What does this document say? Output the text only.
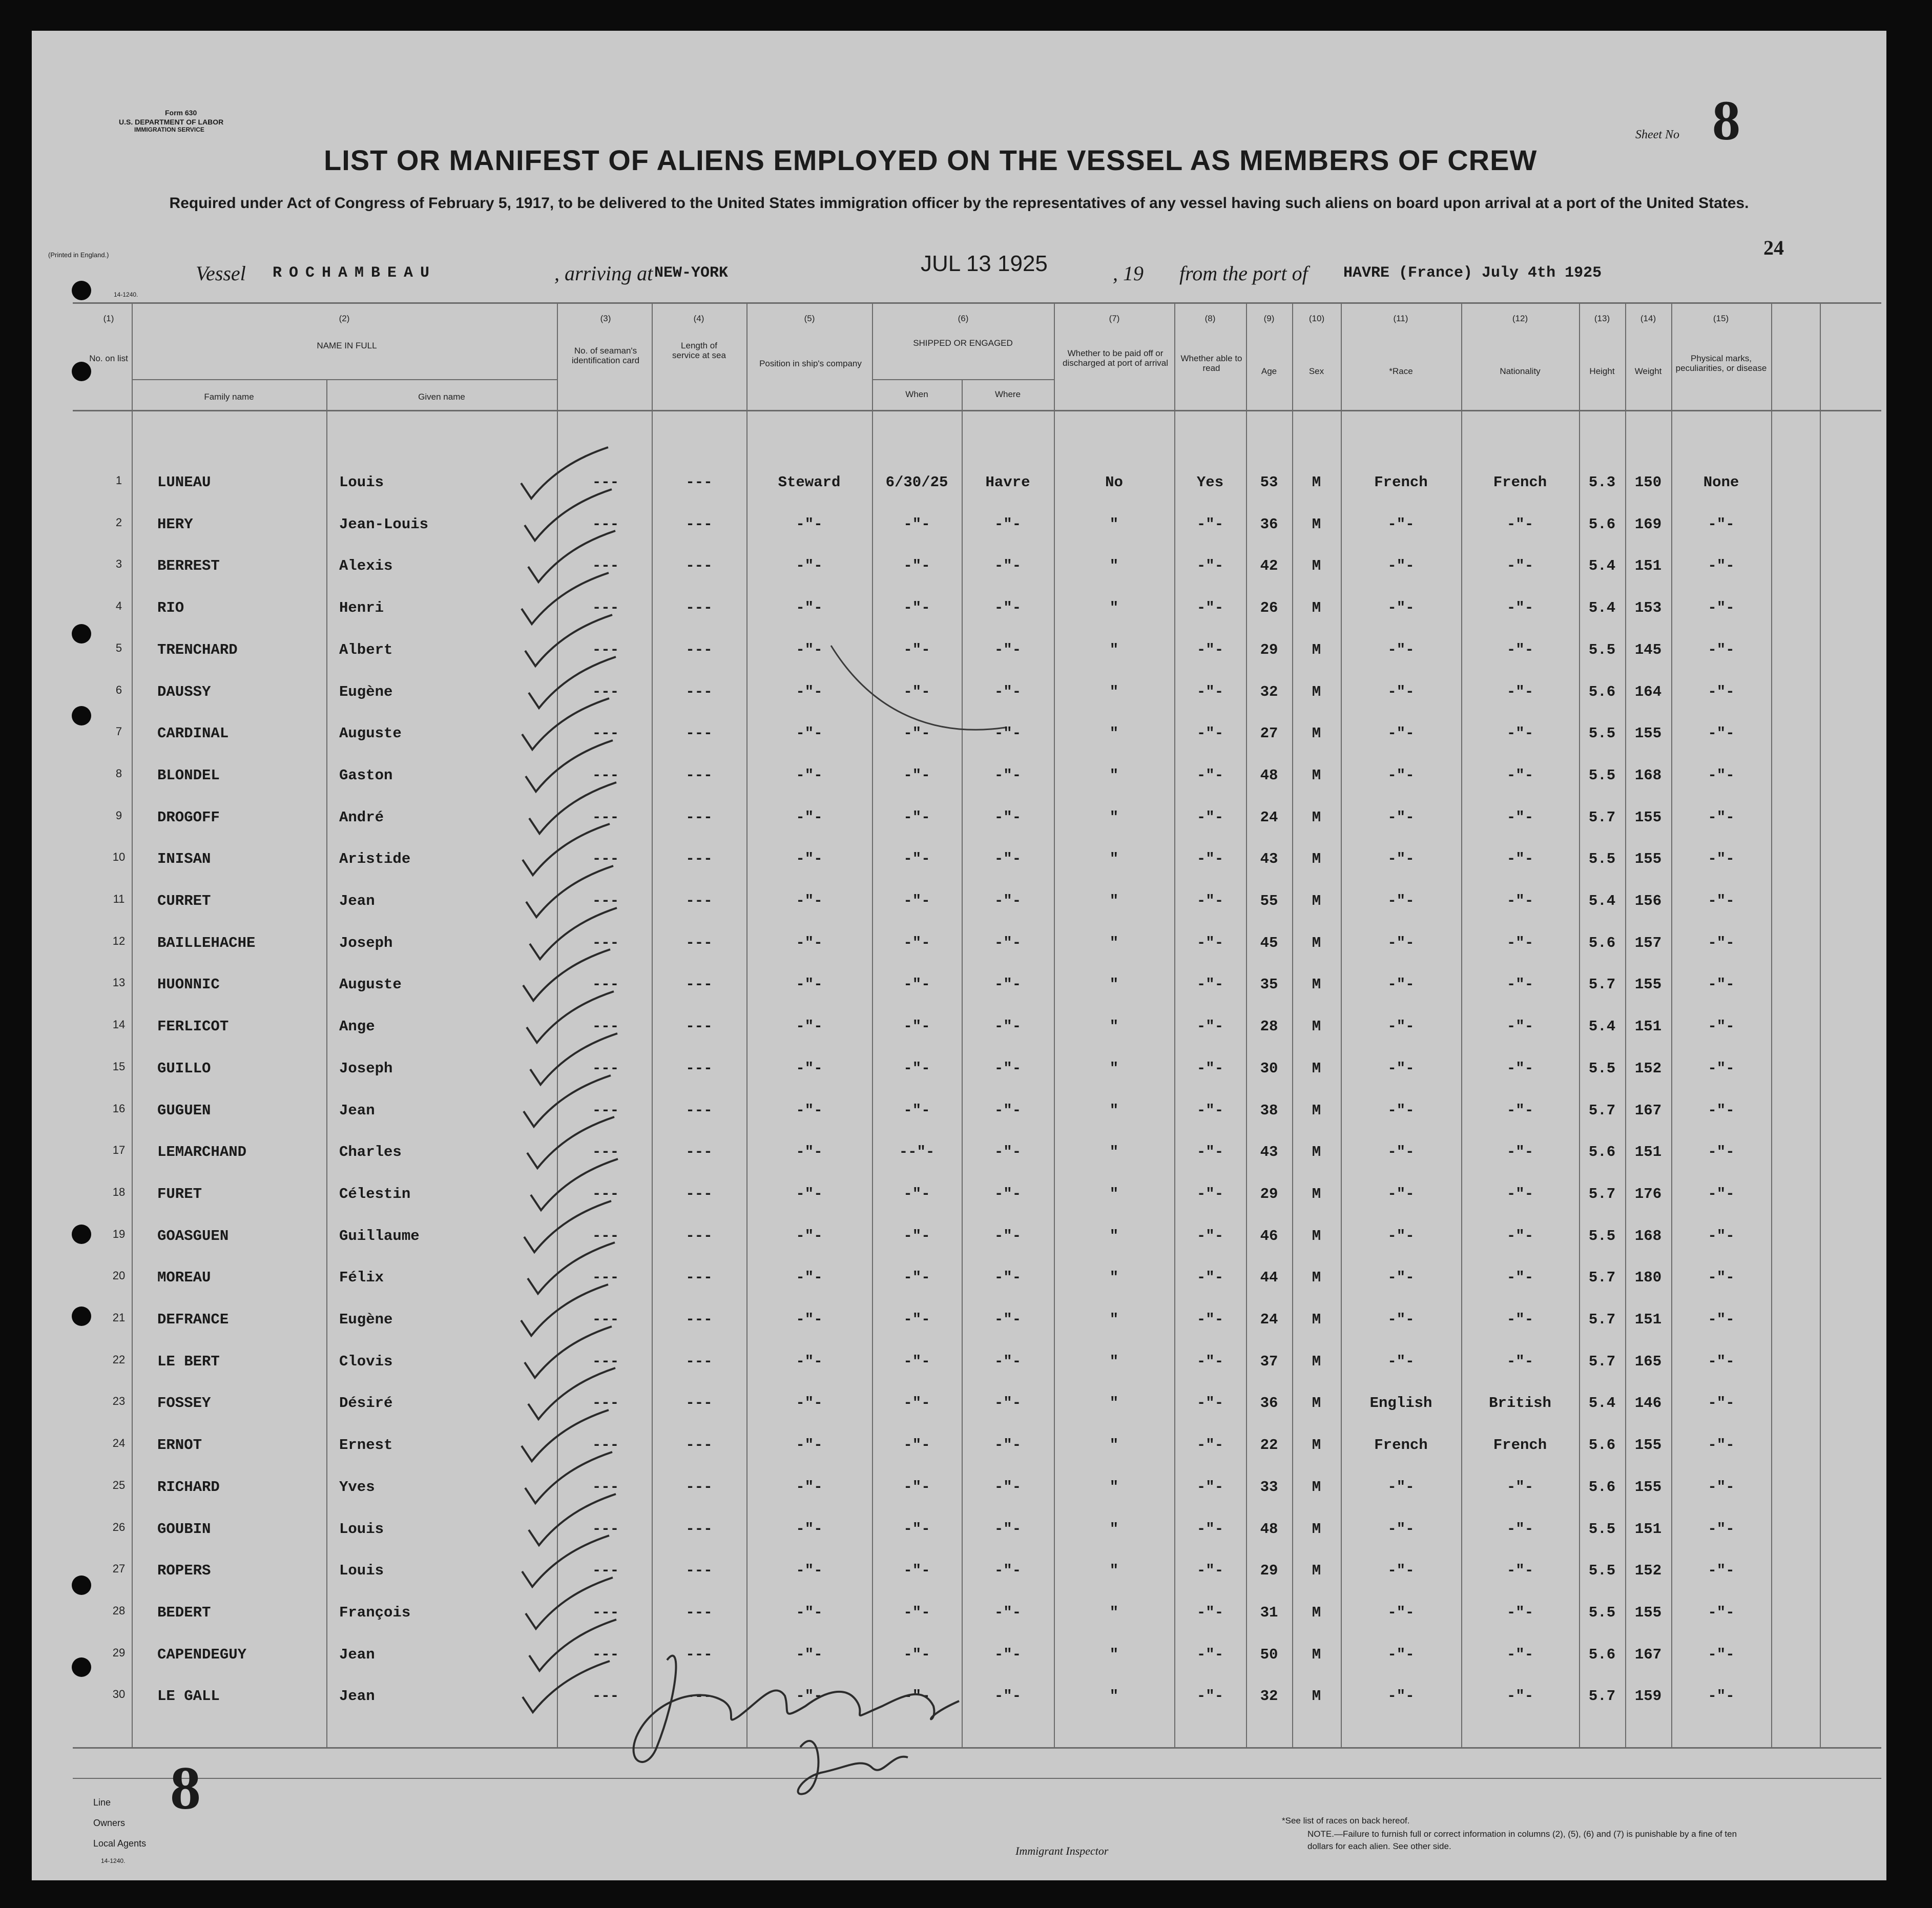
Form 630
U.S. DEPARTMENT OF LABOR
IMMIGRATION SERVICE
(Printed in England.)
14-1240.
Sheet No 8
24
LIST OR MANIFEST OF ALIENS EMPLOYED ON THE VESSEL AS MEMBERS OF CREW
Required under Act of Congress of February 5, 1917, to be delivered to the United States immigration officer by the representatives of any vessel having such aliens on board upon arrival at a port of the United States.
Vessel ROCHAMBEAU	, arriving at NEW-YORK	JUL 13 1925	, 19 from the port of HAVRE (France) July 4th 1925
(1)	(2)	(3)	(4)	(5)	(6)	(7)	(8)	(9)	(10)	(11)	(12)	(13)	(14)	(15)
No. on list
NAME IN FULL
Family name	Given name
No. of seaman's identification card
Length of service at sea
Position in ship's company
SHIPPED OR ENGAGED
When	Where
Whether to be paid off or discharged at port of arrival	Whether able to read	Age	Sex	*Race	Nationality	Height	Weight
Physical marks, peculiarities, or disease
1	LUNEAU	Louis	---	---	Steward	6/30/25	Havre	No	Yes	53	M	French	French	5.3	150	None
2	HERY	Jean-Louis	---	---	-"-	-"-	-"-	"	-"-	36	M	-"-	-"-	5.6	169	-"-
3	BERREST	Alexis	---	---	-"-	-"-	-"-	"	-"-	42	M	-"-	-"-	5.4	151	-"-
4	RIO	Henri	---	---	-"-	-"-	-"-	"	-"-	26	M	-"-	-"-	5.4	153	-"-
5	TRENCHARD	Albert	---	---	-"-	-"-	-"-	"	-"-	29	M	-"-	-"-	5.5	145	-"-
6	DAUSSY	Eugène	---	---	-"-	-"-	-"-	"	-"-	32	M	-"-	-"-	5.6	164	-"-
7	CARDINAL	Auguste	---	---	-"-	-"-	-"-	"	-"-	27	M	-"-	-"-	5.5	155	-"-
8	BLONDEL	Gaston	---	---	-"-	-"-	-"-	"	-"-	48	M	-"-	-"-	5.5	168	-"-
9	DROGOFF	André	---	---	-"-	-"-	-"-	"	-"-	24	M	-"-	-"-	5.7	155	-"-
10	INISAN	Aristide	---	---	-"-	-"-	-"-	"	-"-	43	M	-"-	-"-	5.5	155	-"-
11	CURRET	Jean	---	---	-"-	-"-	-"-	"	-"-	55	M	-"-	-"-	5.4	156	-"-
12	BAILLEHACHE	Joseph	---	---	-"-	-"-	-"-	"	-"-	45	M	-"-	-"-	5.6	157	-"-
13	HUONNIC	Auguste	---	---	-"-	-"-	-"-	"	-"-	35	M	-"-	-"-	5.7	155	-"-
14	FERLICOT	Ange	---	---	-"-	-"-	-"-	"	-"-	28	M	-"-	-"-	5.4	151	-"-
15	GUILLO	Joseph	---	---	-"-	-"-	-"-	"	-"-	30	M	-"-	-"-	5.5	152	-"-
16	GUGUEN	Jean	---	---	-"-	-"-	-"-	"	-"-	38	M	-"-	-"-	5.7	167	-"-
17	LEMARCHAND	Charles	---	---	-"-	--"-	-"-	"	-"-	43	M	-"-	-"-	5.6	151	-"-
18	FURET	Célestin	---	---	-"-	-"-	-"-	"	-"-	29	M	-"-	-"-	5.7	176	-"-
19	GOASGUEN	Guillaume	---	---	-"-	-"-	-"-	"	-"-	46	M	-"-	-"-	5.5	168	-"-
20	MOREAU	Félix	---	---	-"-	-"-	-"-	"	-"-	44	M	-"-	-"-	5.7	180	-"-
21	DEFRANCE	Eugène	---	---	-"-	-"-	-"-	"	-"-	24	M	-"-	-"-	5.7	151	-"-
22	LE BERT	Clovis	---	---	-"-	-"-	-"-	"	-"-	37	M	-"-	-"-	5.7	165	-"-
23	FOSSEY	Désiré	---	---	-"-	-"-	-"-	"	-"-	36	M	English	British	5.4	146	-"-
24	ERNOT	Ernest	---	---	-"-	-"-	-"-	"	-"-	22	M	French	French	5.6	155	-"-
25	RICHARD	Yves	---	---	-"-	-"-	-"-	"	-"-	33	M	-"-	-"-	5.6	155	-"-
26	GOUBIN	Louis	---	---	-"-	-"-	-"-	"	-"-	48	M	-"-	-"-	5.5	151	-"-
27	ROPERS	Louis	---	---	-"-	-"-	-"-	"	-"-	29	M	-"-	-"-	5.5	152	-"-
28	BEDERT	François	---	---	-"-	-"-	-"-	"	-"-	31	M	-"-	-"-	5.5	155	-"-
29	CAPENDEGUY	Jean	---	---	-"-	-"-	-"-	"	-"-	50	M	-"-	-"-	5.6	167	-"-
30	LE GALL	Jean	---	---	-"-	-"-	-"-	"	-"-	32	M	-"-	-"-	5.7	159	-"-
Line
Owners
Local Agents
14-1240.
8
Immigrant Inspector
*See list of races on back hereof.
NOTE.—Failure to furnish full or correct information in columns (2), (5), (6) and (7) is punishable by a fine of ten dollars for each alien. See other side.
